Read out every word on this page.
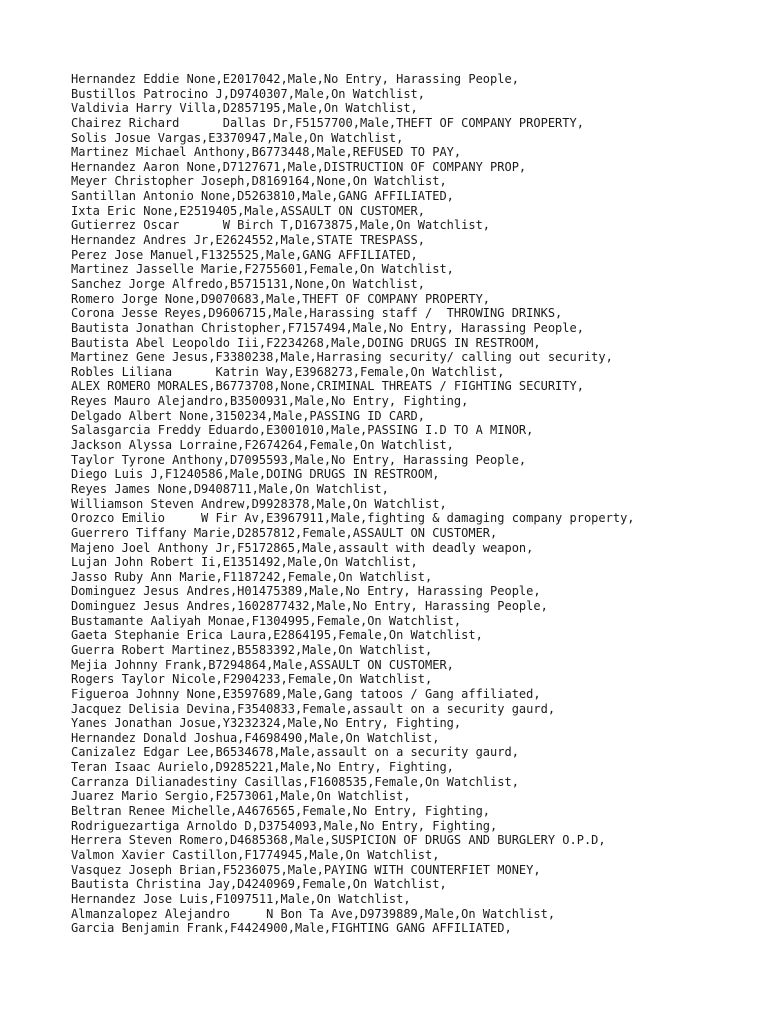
Hernandez Eddie None,E2017042,Male,No Entry, Harassing People,
Bustillos Patrocino J,D9740307,Male,On Watchlist,
Valdivia Harry Villa,D2857195,Male,On Watchlist,
Chairez Richard      Dallas Dr,F5157700,Male,THEFT OF COMPANY PROPERTY,
Solis Josue Vargas,E3370947,Male,On Watchlist,
Martinez Michael Anthony,B6773448,Male,REFUSED TO PAY,
Hernandez Aaron None,D7127671,Male,DISTRUCTION OF COMPANY PROP,
Meyer Christopher Joseph,D8169164,None,On Watchlist,
Santillan Antonio None,D5263810,Male,GANG AFFILIATED,
Ixta Eric None,E2519405,Male,ASSAULT ON CUSTOMER,
Gutierrez Oscar      W Birch T,D1673875,Male,On Watchlist,
Hernandez Andres Jr,E2624552,Male,STATE TRESPASS,
Perez Jose Manuel,F1325525,Male,GANG AFFILIATED,
Martinez Jasselle Marie,F2755601,Female,On Watchlist,
Sanchez Jorge Alfredo,B5715131,None,On Watchlist,
Romero Jorge None,D9070683,Male,THEFT OF COMPANY PROPERTY,
Corona Jesse Reyes,D9606715,Male,Harassing staff /  THROWING DRINKS,
Bautista Jonathan Christopher,F7157494,Male,No Entry, Harassing People,
Bautista Abel Leopoldo Iii,F2234268,Male,DOING DRUGS IN RESTROOM,
Martinez Gene Jesus,F3380238,Male,Harrasing security/ calling out security,
Robles Liliana      Katrin Way,E3968273,Female,On Watchlist,
ALEX ROMERO MORALES,B6773708,None,CRIMINAL THREATS / FIGHTING SECURITY,
Reyes Mauro Alejandro,B3500931,Male,No Entry, Fighting,
Delgado Albert None,3150234,Male,PASSING ID CARD,
Salasgarcia Freddy Eduardo,E3001010,Male,PASSING I.D TO A MINOR,
Jackson Alyssa Lorraine,F2674264,Female,On Watchlist,
Taylor Tyrone Anthony,D7095593,Male,No Entry, Harassing People,
Diego Luis J,F1240586,Male,DOING DRUGS IN RESTROOM,
Reyes James None,D9408711,Male,On Watchlist,
Williamson Steven Andrew,D9928378,Male,On Watchlist,
Orozco Emilio     W Fir Av,E3967911,Male,fighting & damaging company property,
Guerrero Tiffany Marie,D2857812,Female,ASSAULT ON CUSTOMER,
Majeno Joel Anthony Jr,F5172865,Male,assault with deadly weapon,
Lujan John Robert Ii,E1351492,Male,On Watchlist,
Jasso Ruby Ann Marie,F1187242,Female,On Watchlist,
Dominguez Jesus Andres,H01475389,Male,No Entry, Harassing People,
Dominguez Jesus Andres,1602877432,Male,No Entry, Harassing People,
Bustamante Aaliyah Monae,F1304995,Female,On Watchlist,
Gaeta Stephanie Erica Laura,E2864195,Female,On Watchlist,
Guerra Robert Martinez,B5583392,Male,On Watchlist,
Mejia Johnny Frank,B7294864,Male,ASSAULT ON CUSTOMER,
Rogers Taylor Nicole,F2904233,Female,On Watchlist,
Figueroa Johnny None,E3597689,Male,Gang tatoos / Gang affiliated,
Jacquez Delisia Devina,F3540833,Female,assault on a security gaurd,
Yanes Jonathan Josue,Y3232324,Male,No Entry, Fighting,
Hernandez Donald Joshua,F4698490,Male,On Watchlist,
Canizalez Edgar Lee,B6534678,Male,assault on a security gaurd,
Teran Isaac Aurielo,D9285221,Male,No Entry, Fighting,
Carranza Dilianadestiny Casillas,F1608535,Female,On Watchlist,
Juarez Mario Sergio,F2573061,Male,On Watchlist,
Beltran Renee Michelle,A4676565,Female,No Entry, Fighting,
Rodriguezartiga Arnoldo D,D3754093,Male,No Entry, Fighting,
Herrera Steven Romero,D4685368,Male,SUSPICION OF DRUGS AND BURGLERY O.P.D,
Valmon Xavier Castillon,F1774945,Male,On Watchlist,
Vasquez Joseph Brian,F5236075,Male,PAYING WITH COUNTERFIET MONEY,
Bautista Christina Jay,D4240969,Female,On Watchlist,
Hernandez Jose Luis,F1097511,Male,On Watchlist,
Almanzalopez Alejandro     N Bon Ta Ave,D9739889,Male,On Watchlist,
Garcia Benjamin Frank,F4424900,Male,FIGHTING GANG AFFILIATED,
